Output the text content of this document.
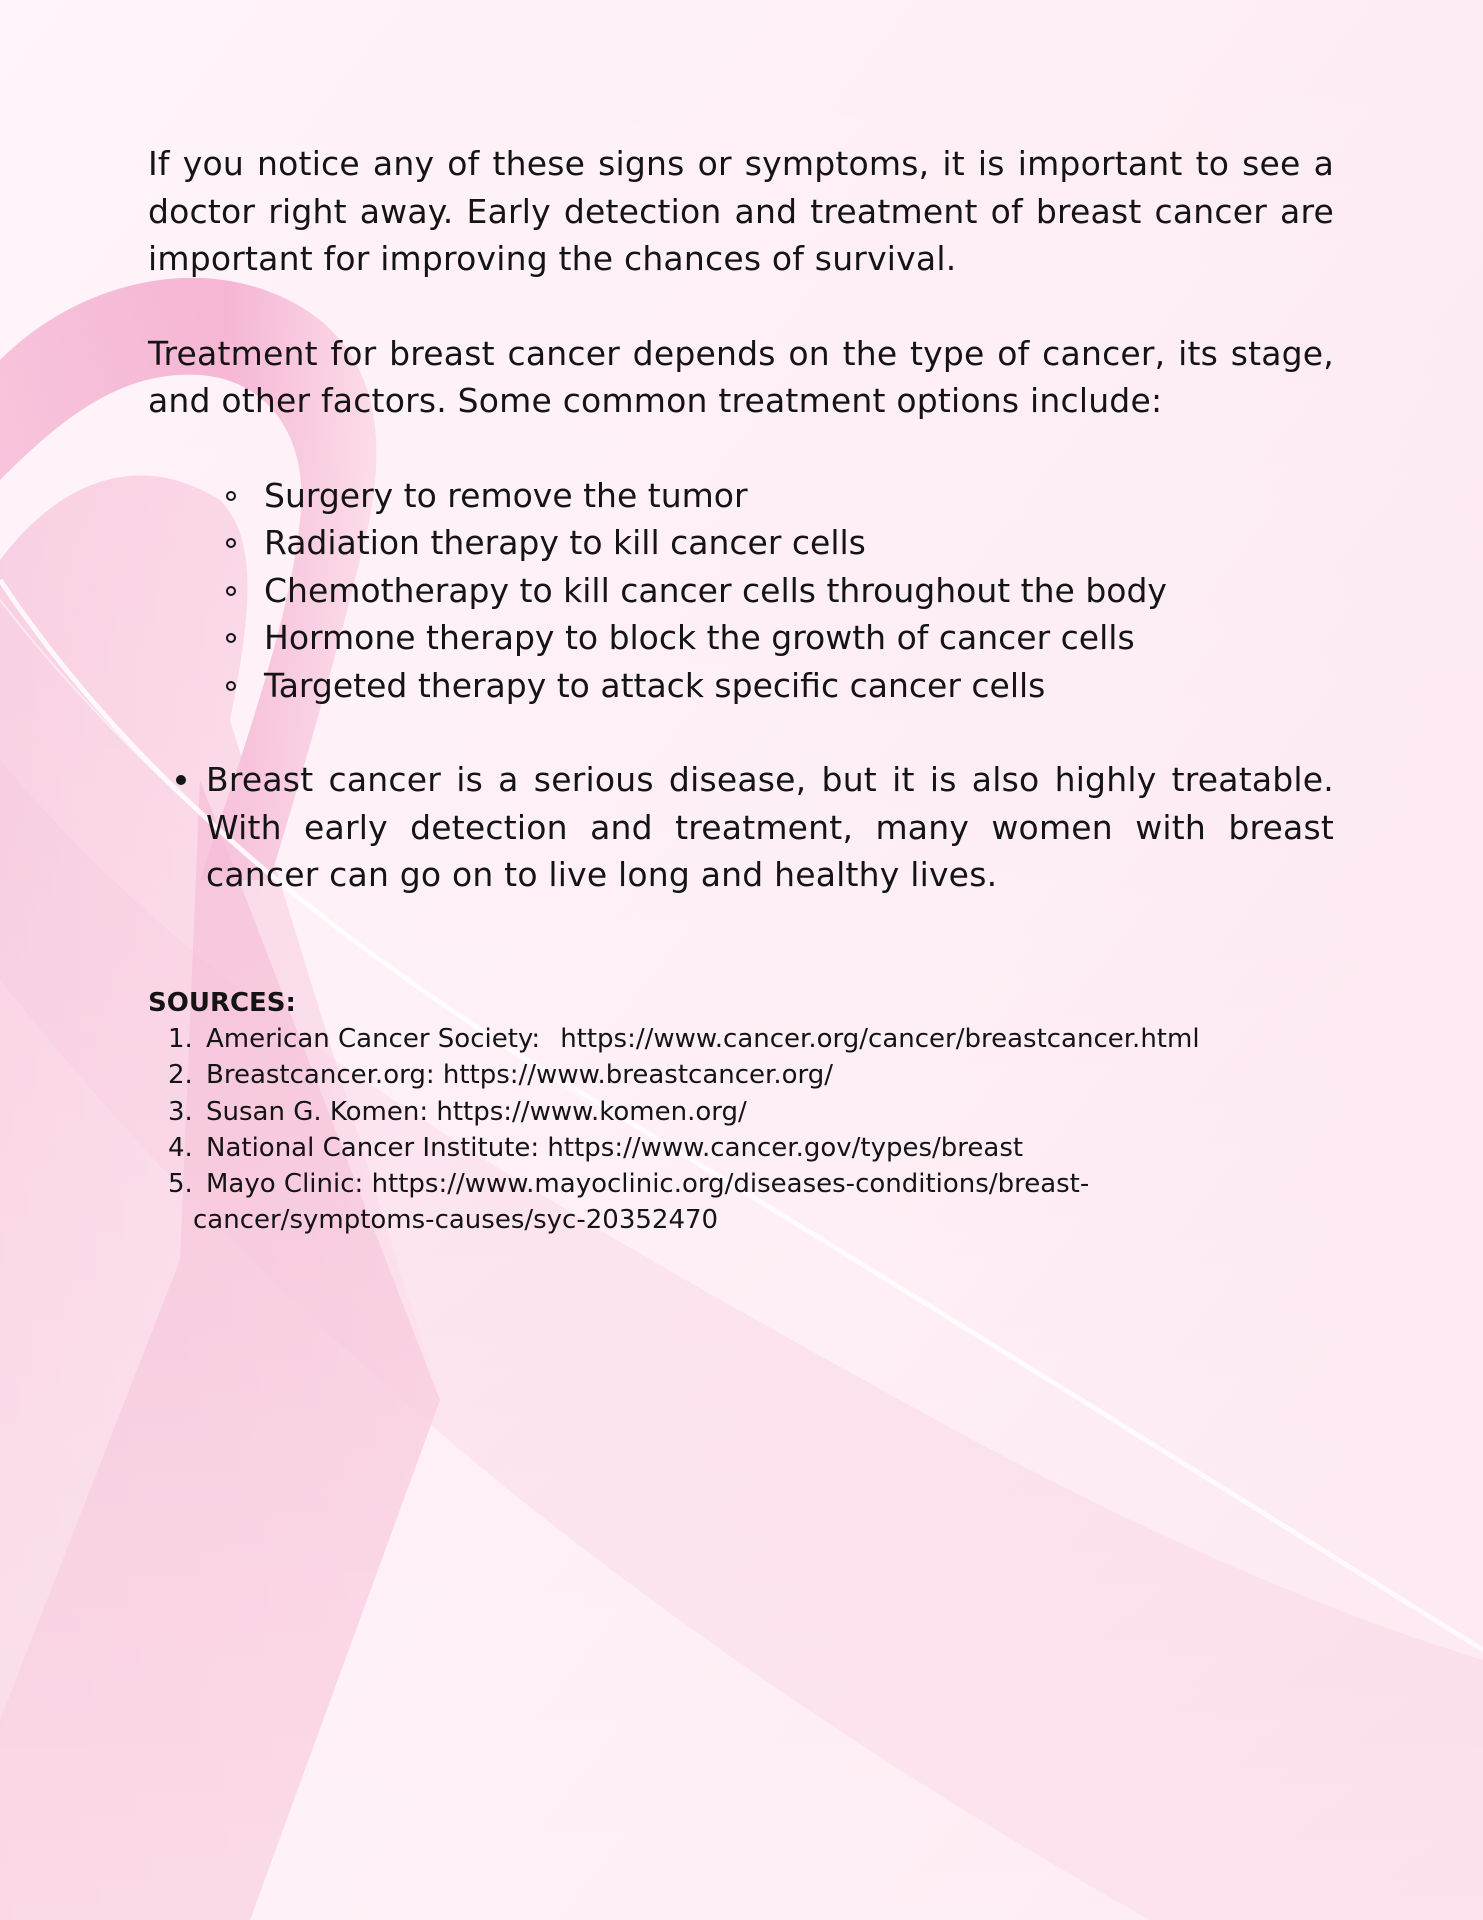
If you notice any of these signs or symptoms, it is important to see a doctor right away. Early detection and treatment of breast cancer are important for improving the chances of survival.

Treatment for breast cancer depends on the type of cancer, its stage, and other factors. Some common treatment options include:

Surgery to remove the tumor
Radiation therapy to kill cancer cells
Chemotherapy to kill cancer cells throughout the body
Hormone therapy to block the growth of cancer cells
Targeted therapy to attack specific cancer cells
Breast cancer is a serious disease, but it is also highly treatable. With early detection and treatment, many women with breast cancer can go on to live long and healthy lives.

SOURCES:

1. American Cancer Society: https://www.cancer.org/cancer/breastcancer.html
2. Breastcancer.org: https://www.breastcancer.org/
3. Susan G. Komen: https://www.komen.org/
4. National Cancer Institute: https://www.cancer.gov/types/breast
5. Mayo Clinic: https://www.mayoclinic.org/diseases-conditions/breast-
cancer/symptoms-causes/syc-20352470
